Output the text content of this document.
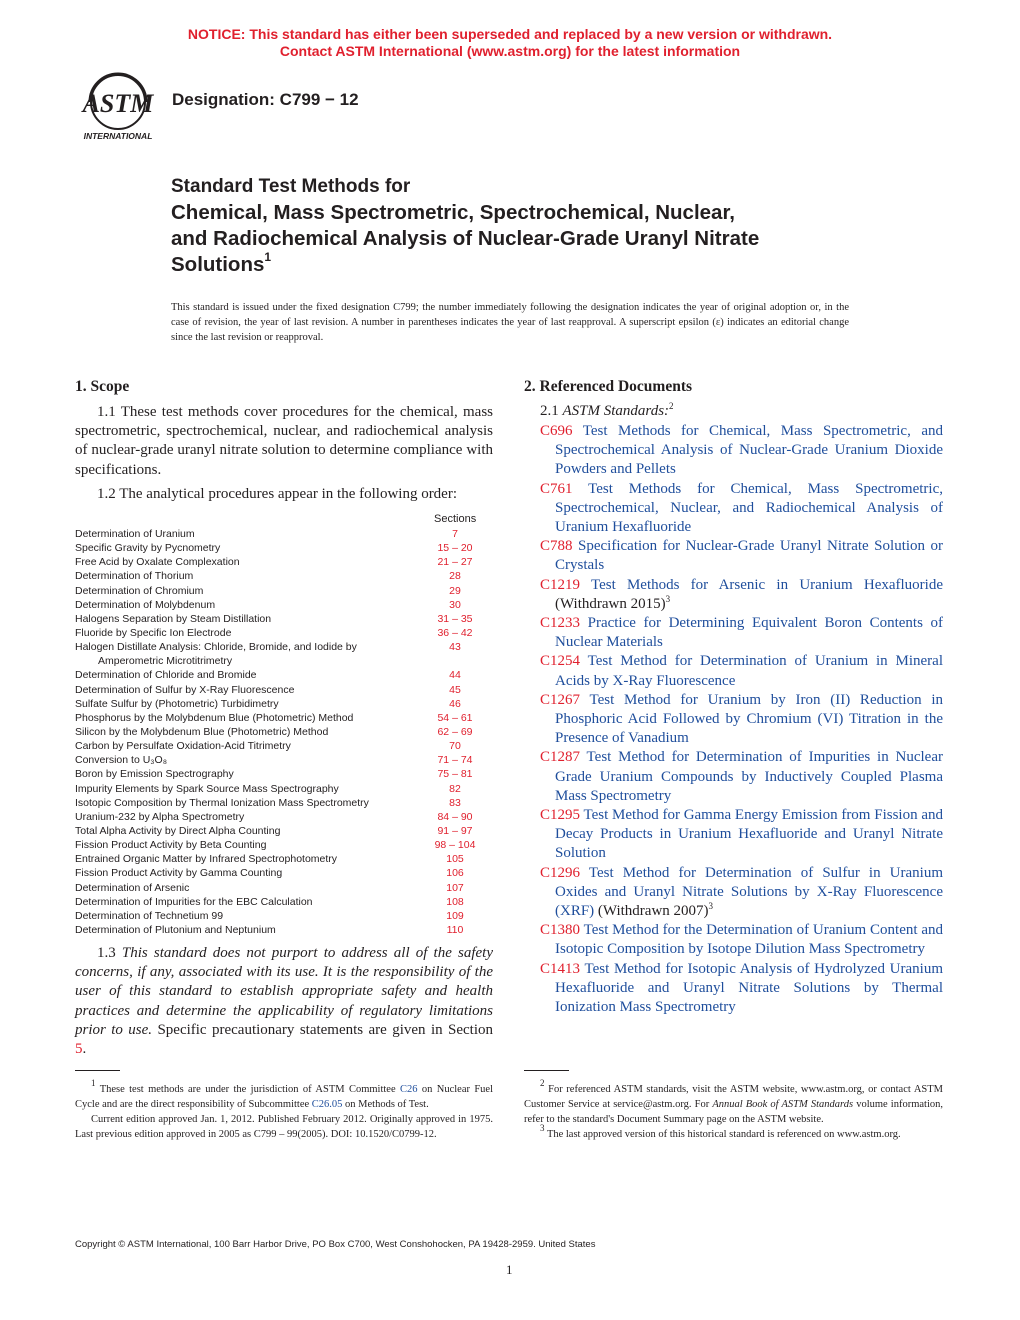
NOTICE: This standard has either been superseded and replaced by a new version or withdrawn.
Contact ASTM International (www.astm.org) for the latest information
ASTM
INTERNATIONAL
Designation: C799 − 12
Standard Test Methods for
Chemical, Mass Spectrometric, Spectrochemical, Nuclear,
and Radiochemical Analysis of Nuclear-Grade Uranyl Nitrate
Solutions$^1$
This standard is issued under the fixed designation C799; the number immediately following the designation indicates the year of original adoption or, in the case of revision, the year of last revision. A number in parentheses indicates the year of last reapproval. A superscript epsilon (ε) indicates an editorial change since the last revision or reapproval.
1. Scope

1.1 These test methods cover procedures for the chemical, mass spectrometric, spectrochemical, nuclear, and radiochemical analysis of nuclear-grade uranyl nitrate solution to determine compliance with specifications.

1.2 The analytical procedures appear in the following order:

Sections
Determination of Uranium	7
Specific Gravity by Pycnometry	15 – 20
Free Acid by Oxalate Complexation	21 – 27
Determination of Thorium	28
Determination of Chromium	29
Determination of Molybdenum	30
Halogens Separation by Steam Distillation	31 – 35
Fluoride by Specific Ion Electrode	36 – 42
Halogen Distillate Analysis: Chloride, Bromide, and Iodide by	43
Amperometric Microtitrimetry
Determination of Chloride and Bromide	44
Determination of Sulfur by X-Ray Fluorescence	45
Sulfate Sulfur by (Photometric) Turbidimetry	46
Phosphorus by the Molybdenum Blue (Photometric) Method	54 – 61
Silicon by the Molybdenum Blue (Photometric) Method	62 – 69
Carbon by Persulfate Oxidation-Acid Titrimetry	70
Conversion to U₃O₈	71 – 74
Boron by Emission Spectrography	75 – 81
Impurity Elements by Spark Source Mass Spectrography	82
Isotopic Composition by Thermal Ionization Mass Spectrometry	83
Uranium-232 by Alpha Spectrometry	84 – 90
Total Alpha Activity by Direct Alpha Counting	91 – 97
Fission Product Activity by Beta Counting	98 – 104
Entrained Organic Matter by Infrared Spectrophotometry	105
Fission Product Activity by Gamma Counting	106
Determination of Arsenic	107
Determination of Impurities for the EBC Calculation	108
Determination of Technetium 99	109
Determination of Plutonium and Neptunium	110

1.3 This standard does not purport to address all of the safety concerns, if any, associated with its use. It is the responsibility of the user of this standard to establish appropriate safety and health practices and determine the applicability of regulatory limitations prior to use. Specific precautionary statements are given in Section 5.

2. Referenced Documents
2.1 ASTM Standards:$^2$
C696 Test Methods for Chemical, Mass Spectrometric, and Spectrochemical Analysis of Nuclear-Grade Uranium Dioxide Powders and Pellets
C761 Test Methods for Chemical, Mass Spectrometric, Spectrochemical, Nuclear, and Radiochemical Analysis of Uranium Hexafluoride
C788 Specification for Nuclear-Grade Uranyl Nitrate Solution or Crystals
C1219 Test Methods for Arsenic in Uranium Hexafluoride (Withdrawn 2015)$^3$
C1233 Practice for Determining Equivalent Boron Contents of Nuclear Materials
C1254 Test Method for Determination of Uranium in Mineral Acids by X-Ray Fluorescence
C1267 Test Method for Uranium by Iron (II) Reduction in Phosphoric Acid Followed by Chromium (VI) Titration in the Presence of Vanadium
C1287 Test Method for Determination of Impurities in Nuclear Grade Uranium Compounds by Inductively Coupled Plasma Mass Spectrometry
C1295 Test Method for Gamma Energy Emission from Fission and Decay Products in Uranium Hexafluoride and Uranyl Nitrate Solution
C1296 Test Method for Determination of Sulfur in Uranium Oxides and Uranyl Nitrate Solutions by X-Ray Fluorescence (XRF) (Withdrawn 2007)$^3$
C1380 Test Method for the Determination of Uranium Content and Isotopic Composition by Isotope Dilution Mass Spectrometry
C1413 Test Method for Isotopic Analysis of Hydrolyzed Uranium Hexafluoride and Uranyl Nitrate Solutions by Thermal Ionization Mass Spectrometry

$^1$ These test methods are under the jurisdiction of ASTM Committee C26 on Nuclear Fuel Cycle and are the direct responsibility of Subcommittee C26.05 on Methods of Test.

Current edition approved Jan. 1, 2012. Published February 2012. Originally approved in 1975. Last previous edition approved in 2005 as C799 – 99(2005). DOI: 10.1520/C0799-12.

$^2$ For referenced ASTM standards, visit the ASTM website, www.astm.org, or contact ASTM Customer Service at service@astm.org. For Annual Book of ASTM Standards volume information, refer to the standard's Document Summary page on the ASTM website.

$^3$ The last approved version of this historical standard is referenced on www.astm.org.

Copyright © ASTM International, 100 Barr Harbor Drive, PO Box C700, West Conshohocken, PA 19428-2959. United States
1
